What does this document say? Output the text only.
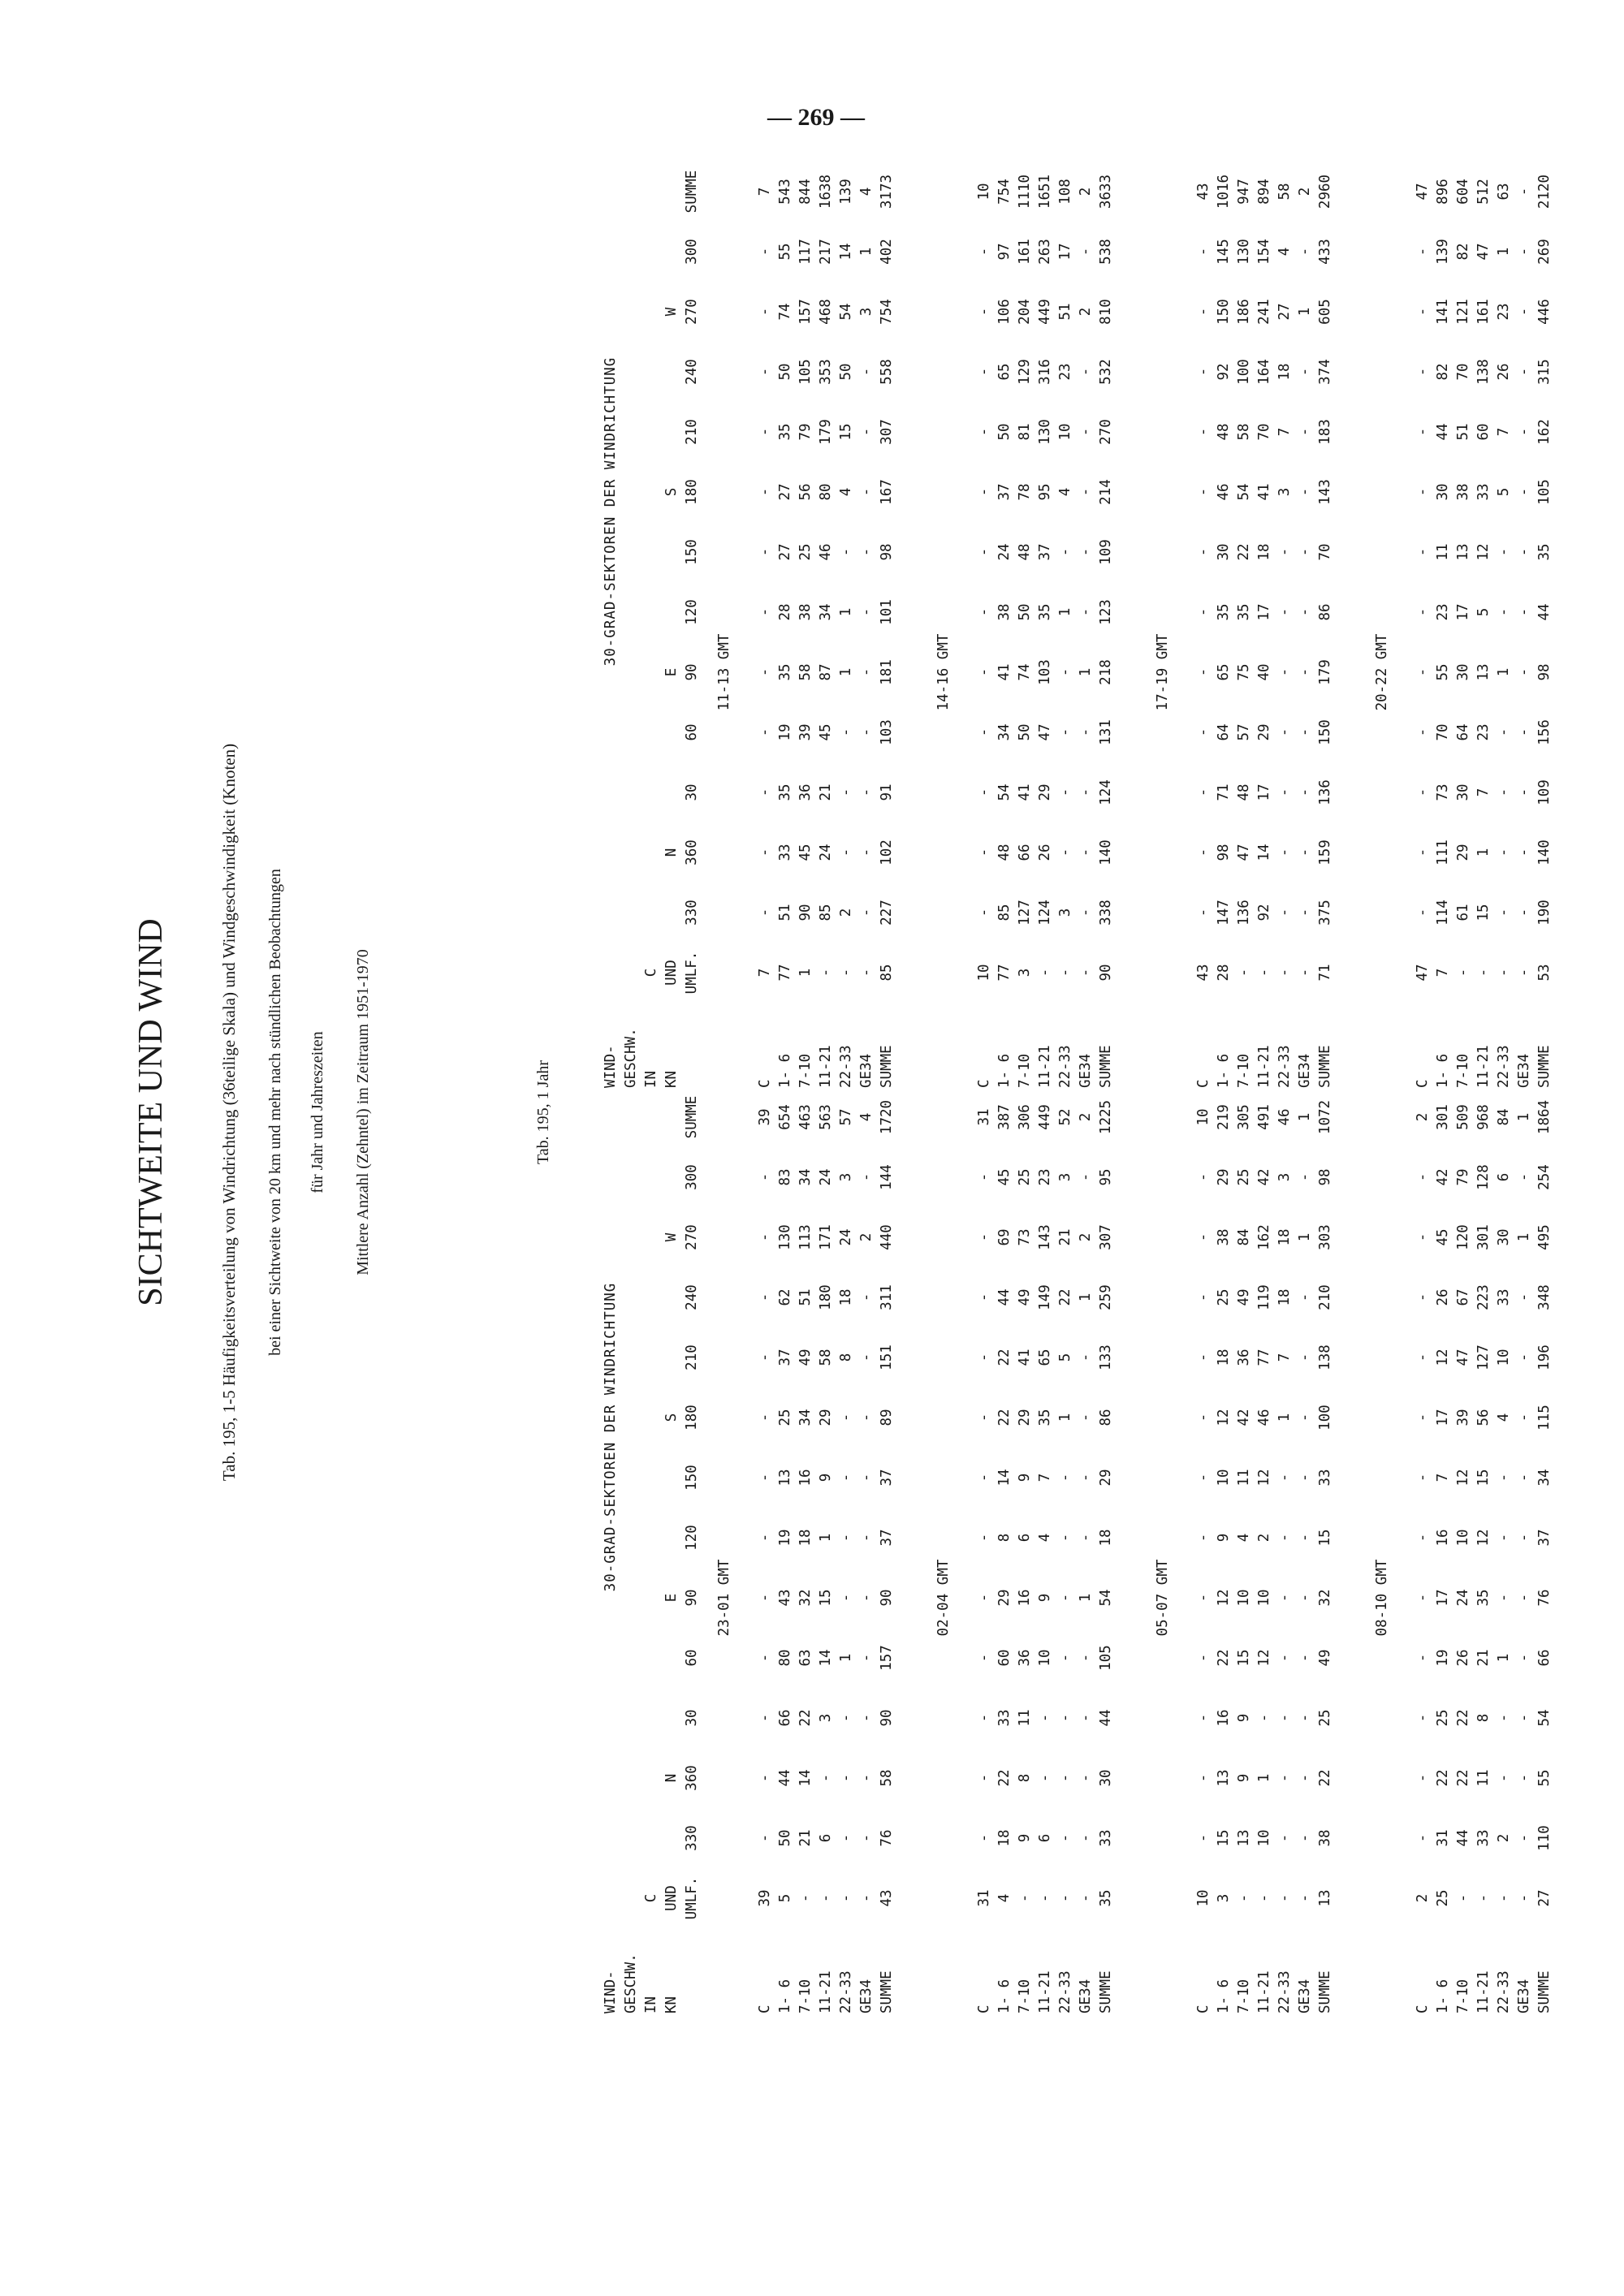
— 269 —
SICHTWEITE UND WIND	Tab. 195, 1-5 Häufigkeitsverteilung von Windrichtung (36teilige Skala) und Windgeschwindigkeit (Knoten) bei einer Sichtweite von 20 km und mehr nach stündlichen Beobachtungen für Jahr und Jahreszeiten Mittlere Anzahl (Zehntel) im Zeitraum 1951-1970	Tab. 195, 1 Jahr
30-GRAD-SEKTOREN DER WINDRICHTUNG
WIND- GESCHW. IN KN
C UND UMLF.
N
E
S
W
330
360
30
60
90
120
150
180
210
240
270
300
SUMME
23-01 GMT
C
39
-
-
-
-
-
-
-
-
-
-
-
-
39
1- 6
5
50
44
66
80
43
19
13
25
37
62
130
83
654
7-10
-
21
14
22
63
32
18
16
34
49
51
113
34
463
11-21
-
6
-
3
14
15
1
9
29
58
180
171
24
563
22-33
-
-
-
-
1
-
-
-
-
8
18
24
3
57
GE34
-
-
-
-
-
-
-
-
-
-
-
2
-
4
SUMME
43
76
58
90
157
90
37
37
89
151
311
440
144
1720
02-04 GMT
C
31
-
-
-
-
-
-
-
-
-
-
-
-
31
1- 6
4
18
22
33
60
29
8
14
22
22
44
69
45
387
7-10
-
9
8
11
36
16
6
9
29
41
49
73
25
306
11-21
-
6
-
-
10
9
4
7
35
65
149
143
23
449
22-33
-
-
-
-
-
-
-
-
1
5
22
21
3
52
GE34
-
-
-
-
-
1
-
-
-
-
1
2
-
2
SUMME
35
33
30
44
105
54
18
29
86
133
259
307
95
1225
05-07 GMT
C
10
-
-
-
-
-
-
-
-
-
-
-
-
10
1- 6
3
15
13
16
22
12
9
10
12
18
25
38
29
219
7-10
-
13
9
9
15
10
4
11
42
36
49
84
25
305
11-21
-
10
1
-
12
10
2
12
46
77
119
162
42
491
22-33
-
-
-
-
-
-
-
-
1
7
18
18
3
46
GE34
-
-
-
-
-
-
-
-
-
-
-
1
-
1
SUMME
13
38
22
25
49
32
15
33
100
138
210
303
98
1072
08-10 GMT
C
2
-
-
-
-
-
-
-
-
-
-
-
-
2
1- 6
25
31
22
25
19
17
16
7
17
12
26
45
42
301
7-10
-
44
22
22
26
24
10
12
39
47
67
120
79
509
11-21
-
33
11
8
21
35
12
15
56
127
223
301
128
968
22-33
-
2
-
-
1
-
-
-
4
10
33
30
6
84
GE34
-
-
-
-
-
-
-
-
-
-
-
1
-
1
SUMME
27
110
55
54
66
76
37
34
115
196
348
495
254
1864
30-GRAD-SEKTOREN DER WINDRICHTUNG
WIND- GESCHW. IN KN
C UND UMLF.
N
E
S
W
330
360
30
60
90
120
150
180
210
240
270
300
SUMME
11-13 GMT
C
7
-
-
-
-
-
-
-
-
-
-
-
-
7
1- 6
77
51
33
35
19
35
28
27
27
35
50
74
55
543
7-10
1
90
45
36
39
58
38
25
56
79
105
157
117
844
11-21
-
85
24
21
45
87
34
46
80
179
353
468
217
1638
22-33
-
2
-
-
-
1
1
-
4
15
50
54
14
139
GE34
-
-
-
-
-
-
-
-
-
-
-
3
1
4
SUMME
85
227
102
91
103
181
101
98
167
307
558
754
402
3173
14-16 GMT
C
10
-
-
-
-
-
-
-
-
-
-
-
-
10
1- 6
77
85
48
54
34
41
38
24
37
50
65
106
97
754
7-10
3
127
66
41
50
74
50
48
78
81
129
204
161
1110
11-21
-
124
26
29
47
103
35
37
95
130
316
449
263
1651
22-33
-
3
-
-
-
-
1
-
4
10
23
51
17
108
GE34
-
-
-
-
-
1
-
-
-
-
-
2
-
2
SUMME
90
338
140
124
131
218
123
109
214
270
532
810
538
3633
17-19 GMT
C
43
-
-
-
-
-
-
-
-
-
-
-
-
43
1- 6
28
147
98
71
64
65
35
30
46
48
92
150
145
1016
7-10
-
136
47
48
57
75
35
22
54
58
100
186
130
947
11-21
-
92
14
17
29
40
17
18
41
70
164
241
154
894
22-33
-
-
-
-
-
-
-
-
3
7
18
27
4
58
GE34
-
-
-
-
-
-
-
-
-
-
-
1
-
2
SUMME
71
375
159
136
150
179
86
70
143
183
374
605
433
2960
20-22 GMT
C
47
-
-
-
-
-
-
-
-
-
-
-
-
47
1- 6
7
114
111
73
70
55
23
11
30
44
82
141
139
896
7-10
-
61
29
30
64
30
17
13
38
51
70
121
82
604
11-21
-
15
1
7
23
13
5
12
33
60
138
161
47
512
22-33
-
-
-
-
-
1
-
-
5
7
26
23
1
63
GE34
-
-
-
-
-
-
-
-
-
-
-
-
-
-
SUMME
53
190
140
109
156
98
44
35
105
162
315
446
269
2120
